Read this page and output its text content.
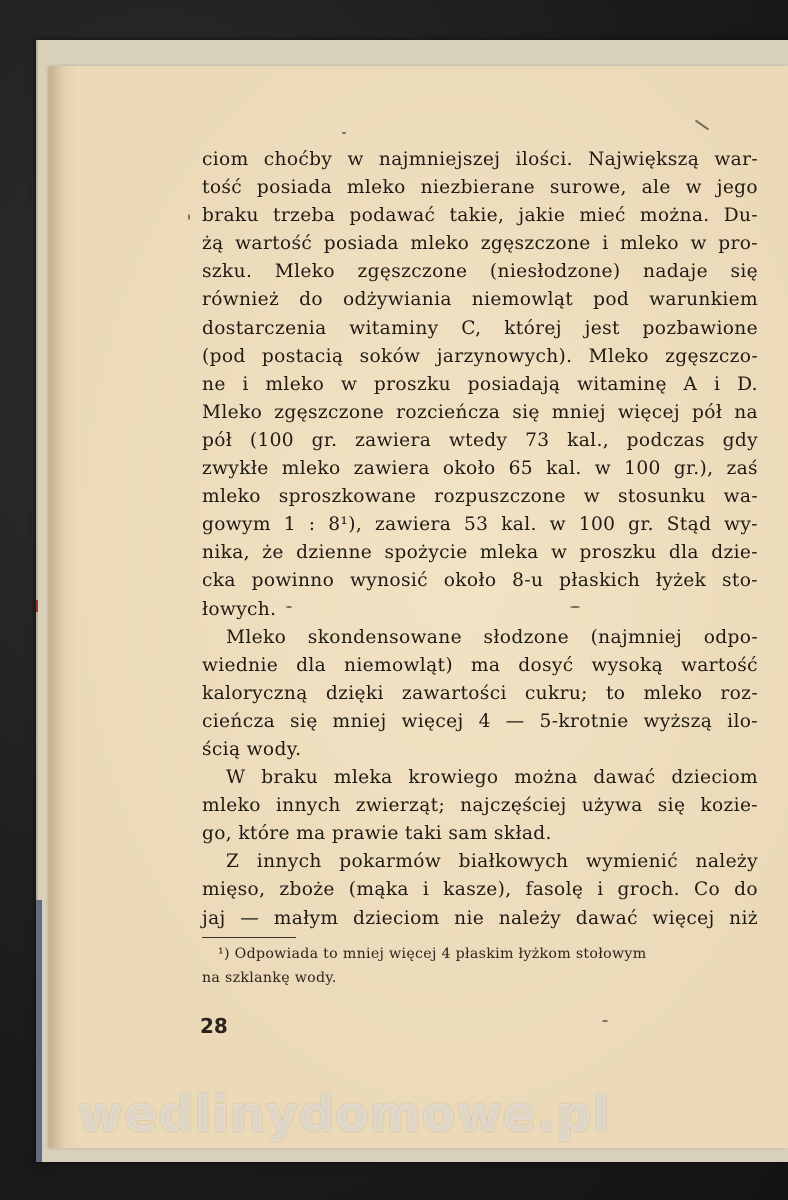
ciom choćby w najmniejszej ilości. Największą war-
tość posiada mleko niezbierane surowe, ale w jego
braku trzeba podawać takie, jakie mieć można. Du-
żą wartość posiada mleko zgęszczone i mleko w pro-
szku. Mleko zgęszczone (niesłodzone) nadaje się
również do odżywiania niemowląt pod warunkiem
dostarczenia witaminy C, której jest pozbawione
(pod postacią soków jarzynowych). Mleko zgęszczo-
ne i mleko w proszku posiadają witaminę A i D.
Mleko zgęszczone rozcieńcza się mniej więcej pół na
pół (100 gr. zawiera wtedy 73 kal., podczas gdy
zwykłe mleko zawiera około 65 kal. w 100 gr.), zaś
mleko sproszkowane rozpuszczone w stosunku wa-
gowym 1 : 8¹), zawiera 53 kal. w 100 gr. Stąd wy-
nika, że dzienne spożycie mleka w proszku dla dzie-
cka powinno wynosić około 8-u płaskich łyżek sto-
łowych.
Mleko skondensowane słodzone (najmniej odpo-
wiednie dla niemowląt) ma dosyć wysoką wartość
kaloryczną dzięki zawartości cukru; to mleko roz-
cieńcza się mniej więcej 4 — 5-krotnie wyższą ilo-
ścią wody.
W braku mleka krowiego można dawać dzieciom
mleko innych zwierząt; najczęściej używa się kozie-
go, które ma prawie taki sam skład.
Z innych pokarmów białkowych wymienić należy
mięso, zboże (mąka i kasze), fasolę i groch. Co do
jaj — małym dzieciom nie należy dawać więcej niż
¹) Odpowiada to mniej więcej 4 płaskim łyżkom stołowym
na szklankę wody.
28
wedlinydomowe.pl
